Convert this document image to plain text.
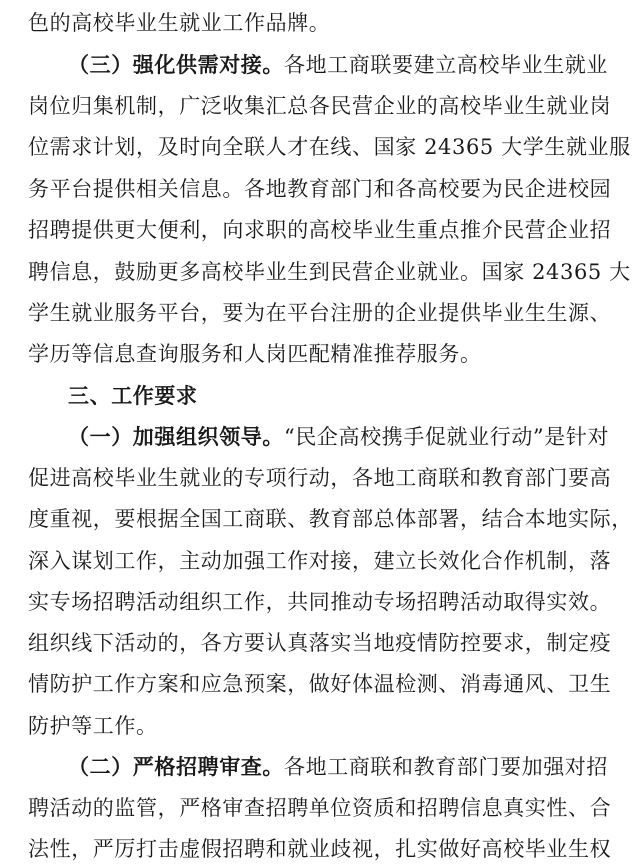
色的高校毕业生就业工作品牌。
（三）强化供需对接。各地工商联要建立高校毕业生就业
岗位归集机制，广泛收集汇总各民营企业的高校毕业生就业岗
位需求计划，及时向全联人才在线、国家 24365 大学生就业服
务平台提供相关信息。各地教育部门和各高校要为民企进校园
招聘提供更大便利，向求职的高校毕业生重点推介民营企业招
聘信息，鼓励更多高校毕业生到民营企业就业。国家 24365 大
学生就业服务平台，要为在平台注册的企业提供毕业生生源、
学历等信息查询服务和人岗匹配精准推荐服务。
三、工作要求
（一）加强组织领导。“民企高校携手促就业行动”是针对
促进高校毕业生就业的专项行动，各地工商联和教育部门要高
度重视，要根据全国工商联、教育部总体部署，结合本地实际，
深入谋划工作，主动加强工作对接，建立长效化合作机制，落
实专场招聘活动组织工作，共同推动专场招聘活动取得实效。
组织线下活动的，各方要认真落实当地疫情防控要求，制定疫
情防护工作方案和应急预案，做好体温检测、消毒通风、卫生
防护等工作。
（二）严格招聘审查。各地工商联和教育部门要加强对招
聘活动的监管，严格审查招聘单位资质和招聘信息真实性、合
法性，严厉打击虚假招聘和就业歧视，扎实做好高校毕业生权
